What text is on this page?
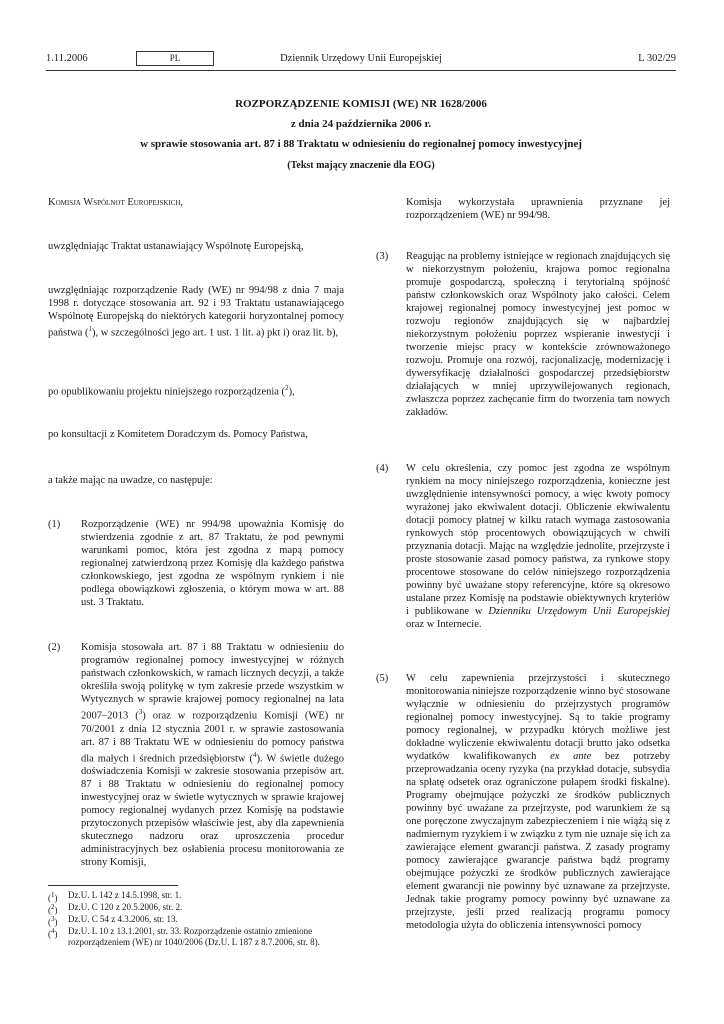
Dziennik Urzędowy Unii Europejskiej
1.11.2006	PL	L 302/29
ROZPORZĄDZENIE KOMISJI (WE) NR 1628/2006
z dnia 24 października 2006 r.
w sprawie stosowania art. 87 i 88 Traktatu w odniesieniu do regionalnej pomocy inwestycyjnej
(Tekst mający znaczenie dla EOG)

Komisja Wspólnot Europejskich,

uwzględniając Traktat ustanawiający Wspólnotę Europejską,

uwzględniając rozporządzenie Rady (WE) nr 994/98 z dnia 7 maja 1998 r. dotyczące stosowania art. 92 i 93 Traktatu ustanawiającego Wspólnotę Europejską do niektórych kategorii horyzontalnej pomocy państwa ($^1$), w szczególności jego art. 1 ust. 1 lit. a) pkt i) oraz lit. b),

po opublikowaniu projektu niniejszego rozporządzenia ($^2$),

po konsultacji z Komitetem Doradczym ds. Pomocy Państwa,

a także mając na uwadze, co następuje:

(1) Rozporządzenie (WE) nr 994/98 upoważnia Komisję do stwierdzenia zgodnie z art. 87 Traktatu, że pod pewnymi warunkami pomoc, która jest zgodna z mapą pomocy regionalnej zatwierdzoną przez Komisję dla każdego państwa członkowskiego, jest zgodna ze wspólnym rynkiem i nie podlega obowiązkowi zgłoszenia, o którym mowa w art. 88 ust. 3 Traktatu.

(2) Komisja stosowała art. 87 i 88 Traktatu w odniesieniu do programów regionalnej pomocy inwestycyjnej w różnych państwach członkowskich, w ramach licznych decyzji, a także określiła swoją politykę w tym zakresie przede wszystkim w Wytycznych w sprawie krajowej pomocy regionalnej na lata 2007–2013 ($^3$) oraz w rozporządzeniu Komisji (WE) nr 70/2001 z dnia 12 stycznia 2001 r. w sprawie zastosowania art. 87 i 88 Traktatu WE w odniesieniu do pomocy państwa dla małych i średnich przedsiębiorstw ($^4$). W świetle dużego doświadczenia Komisji w zakresie stosowania przepisów art. 87 i 88 Traktatu w odniesieniu do regionalnej pomocy inwestycyjnej oraz w świetle wytycznych w sprawie krajowej pomocy regionalnej wydanych przez Komisję na podstawie przytoczonych przepisów właściwie jest, aby dla zapewnienia skutecznego nadzoru oraz uproszczenia procedur administracyjnych bez osłabienia procesu monitorowania ze strony Komisji,

($^1$) Dz.U. L 142 z 14.5.1998, str. 1.
($^2$) Dz.U. C 120 z 20.5.2006, str. 2.
($^3$) Dz.U. C 54 z 4.3.2006, str. 13.
($^4$) Dz.U. L 10 z 13.1.2001, str. 33. Rozporządzenie ostatnio zmienione rozporządzeniem (WE) nr 1040/2006 (Dz.U. L 187 z 8.7.2006, str. 8).

Komisja wykorzystała uprawnienia przyznane jej rozporządzeniem (WE) nr 994/98.

(3) Reagując na problemy istniejące w regionach znajdujących się w niekorzystnym położeniu, krajowa pomoc regionalna promuje gospodarczą, społeczną i terytorialną spójność państw członkowskich oraz Wspólnoty jako całości. Celem krajowej regionalnej pomocy inwestycyjnej jest pomoc w rozwoju regionów znajdujących się w najbardziej niekorzystnym położeniu poprzez wspieranie inwestycji i tworzenie miejsc pracy w kontekście zrównoważonego rozwoju. Promuje ona rozwój, racjonalizację, modernizację i dywersyfikację działalności gospodarczej przedsiębiorstw działających w mniej uprzywilejowanych regionach, zwłaszcza poprzez zachęcanie firm do tworzenia tam nowych zakładów.

(4) W celu określenia, czy pomoc jest zgodna ze wspólnym rynkiem na mocy niniejszego rozporządzenia, konieczne jest uwzględnienie intensywności pomocy, a więc kwoty pomocy wyrażonej jako ekwiwalent dotacji. Obliczenie ekwiwalentu dotacji pomocy płatnej w kilku ratach wymaga zastosowania rynkowych stóp procentowych obowiązujących w chwili przyznania dotacji. Mając na względzie jednolite, przejrzyste i proste stosowanie zasad pomocy państwa, za rynkowe stopy procentowe stosowane do celów niniejszego rozporządzenia powinny być uważane stopy referencyjne, które są okresowo ustalane przez Komisję na podstawie obiektywnych kryteriów i publikowane w Dzienniku Urzędowym Unii Europejskiej oraz w Internecie.

(5) W celu zapewnienia przejrzystości i skutecznego monitorowania niniejsze rozporządzenie winno być stosowane wyłącznie w odniesieniu do przejrzystych programów regionalnej pomocy inwestycyjnej. Są to takie programy pomocy regionalnej, w przypadku których możliwe jest dokładne wyliczenie ekwiwalentu dotacji brutto jako odsetka wydatków kwalifikowanych ex ante bez potrzeby przeprowadzania oceny ryzyka (na przykład dotacje, subsydia na spłatę odsetek oraz ograniczone pułapem środki fiskalne). Programy obejmujące pożyczki ze środków publicznych powinny być uważane za przejrzyste, pod warunkiem że są one poręczone zwyczajnym zabezpieczeniem i nie wiążą się z nadmiernym ryzykiem i w związku z tym nie uznaje się ich za zawierające element gwarancji państwa. Z zasady programy pomocy zawierające gwarancje państwa bądź programy obejmujące pożyczki ze środków publicznych zawierające element gwarancji nie powinny być uznawane za przejrzyste. Jednak takie programy pomocy powinny być uznawane za przejrzyste, jeśli przed realizacją programu pomocy metodologia użyta do obliczenia intensywności pomocy
